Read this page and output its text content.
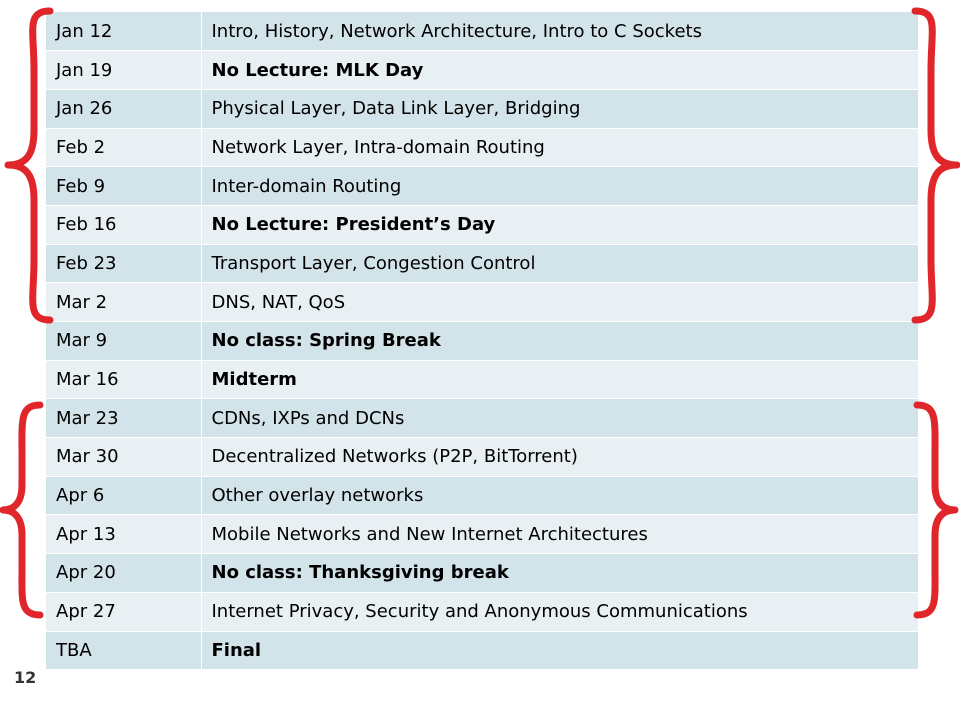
Jan 12	Intro, History, Network Architecture, Intro to C Sockets
Jan 19	No Lecture: MLK Day
Jan 26	Physical Layer, Data Link Layer, Bridging
Feb 2	Network Layer, Intra-domain Routing
Feb 9	Inter-domain Routing
Feb 16	No Lecture: President’s Day
Feb 23	Transport Layer, Congestion Control
Mar 2	DNS, NAT, QoS
Mar 9	No class: Spring Break
Mar 16	Midterm
Mar 23	CDNs, IXPs and DCNs
Mar 30	Decentralized Networks (P2P, BitTorrent)
Apr 6	Other overlay networks
Apr 13	Mobile Networks and New Internet Architectures
Apr 20	No class: Thanksgiving break
Apr 27	Internet Privacy, Security and Anonymous Communications
TBA	Final
12
